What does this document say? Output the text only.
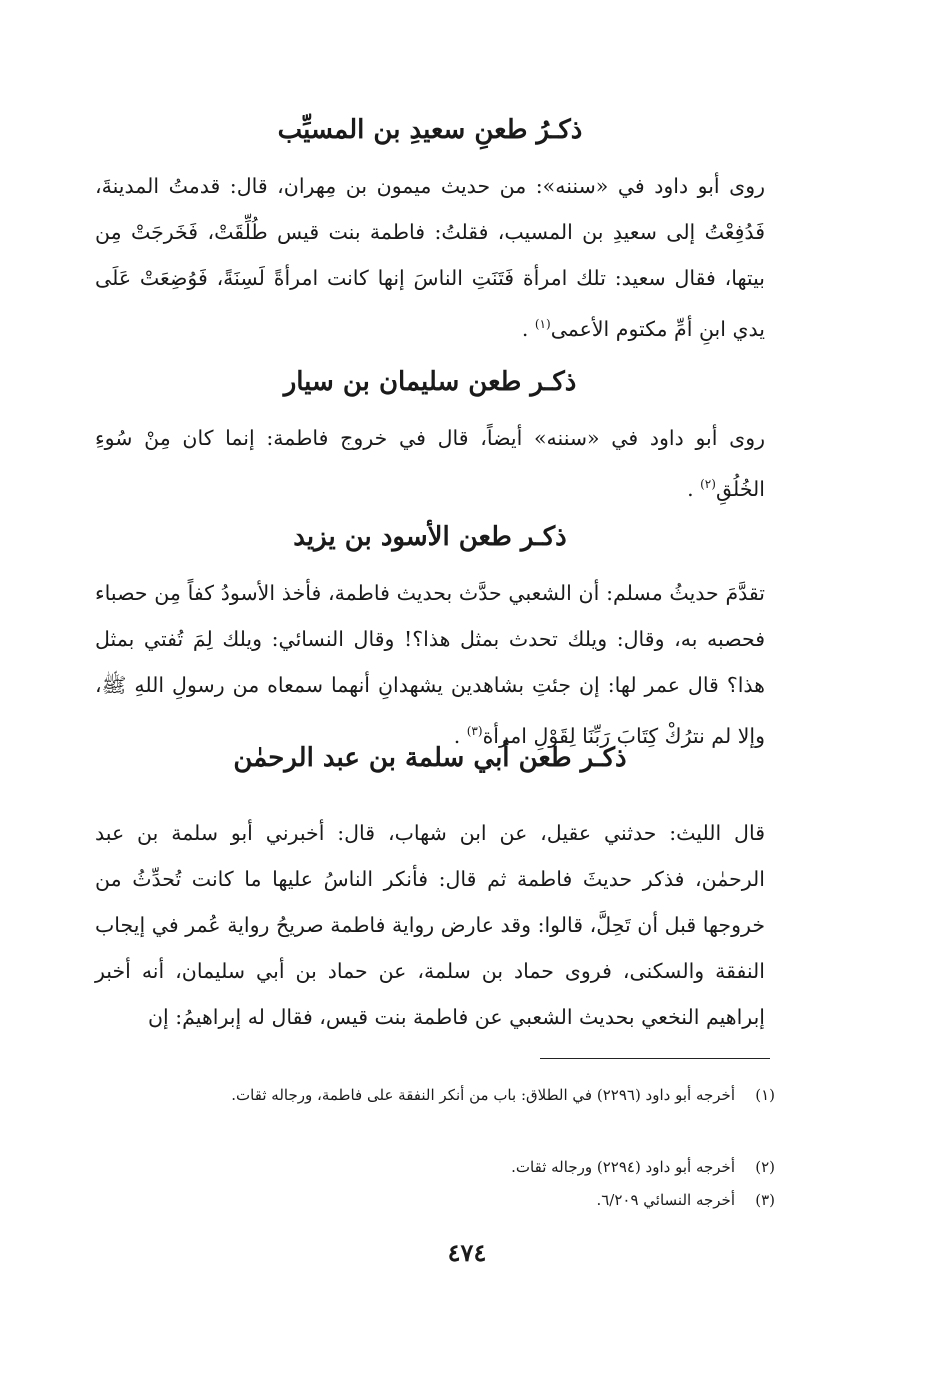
ذكـرُ طعنِ سعيدِ بن المسيِّب
روى أبو داود في «سننه»: من حديث ميمون بن مِهران، قال: قدمتُ المدينةَ، فَدُفِعْتُ إلى سعيدِ بن المسيب، فقلتُ: فاطمة بنت قيس طُلِّقَتْ، فَخَرجَتْ مِن بيتها، فقال سعيد: تلك امرأة فَتَنَتِ الناسَ إنها كانت امرأةً لَسِنَةً، فَوُضِعَتْ عَلَى يدي ابنِ أمِّ مكتوم الأعمى$^{(١)}$ .
ذكـر طعن سليمان بن سيار
روى أبو داود في «سننه» أيضاً، قال في خروج فاطمة: إنما كان مِنْ سُوءِ الخُلُقِ$^{(٢)}$ .
ذكـر طعن الأسود بن يزيد
تقدَّمَ حديثُ مسلم: أن الشعبي حدَّث بحديث فاطمة، فأخذ الأسودُ كفاً مِن حصباء فحصبه به، وقال: ويلك تحدث بمثل هذا؟! وقال النسائي: ويلك لِمَ تُفتي بمثل هذا؟ قال عمر لها: إن جئتِ بشاهدين يشهدانِ أنهما سمعاه من رسولِ اللهِ ﷺ، وإلا لم نترُكْ كِتَابَ رَبِّنَا لِقَوْلِ امرأة$^{(٣)}$ .
ذكـر طعن أبي سلمة بن عبد الرحمٰن
قال الليث: حدثني عقيل، عن ابن شهاب، قال: أخبرني أبو سلمة بن عبد الرحمٰن، فذكر حديثَ فاطمة ثم قال: فأنكر الناسُ عليها ما كانت تُحدِّثُ من خروجها قبل أن تَحِلَّ، قالوا: وقد عارض رواية فاطمة صريحُ رواية عُمر في إيجاب النفقة والسكنى، فروى حماد بن سلمة، عن حماد بن أبي سليمان، أنه أخبر إبراهيم النخعي بحديث الشعبي عن فاطمة بنت قيس، فقال له إبراهيمُ: إن
(١)
أخرجه أبو داود (٢٢٩٦) في الطلاق: باب من أنكر النفقة على فاطمة، ورجاله ثقات.
(٢)
أخرجه أبو داود (٢٢٩٤) ورجاله ثقات.
(٣)
أخرجه النسائي ٦/٢٠٩.
٤٧٤
